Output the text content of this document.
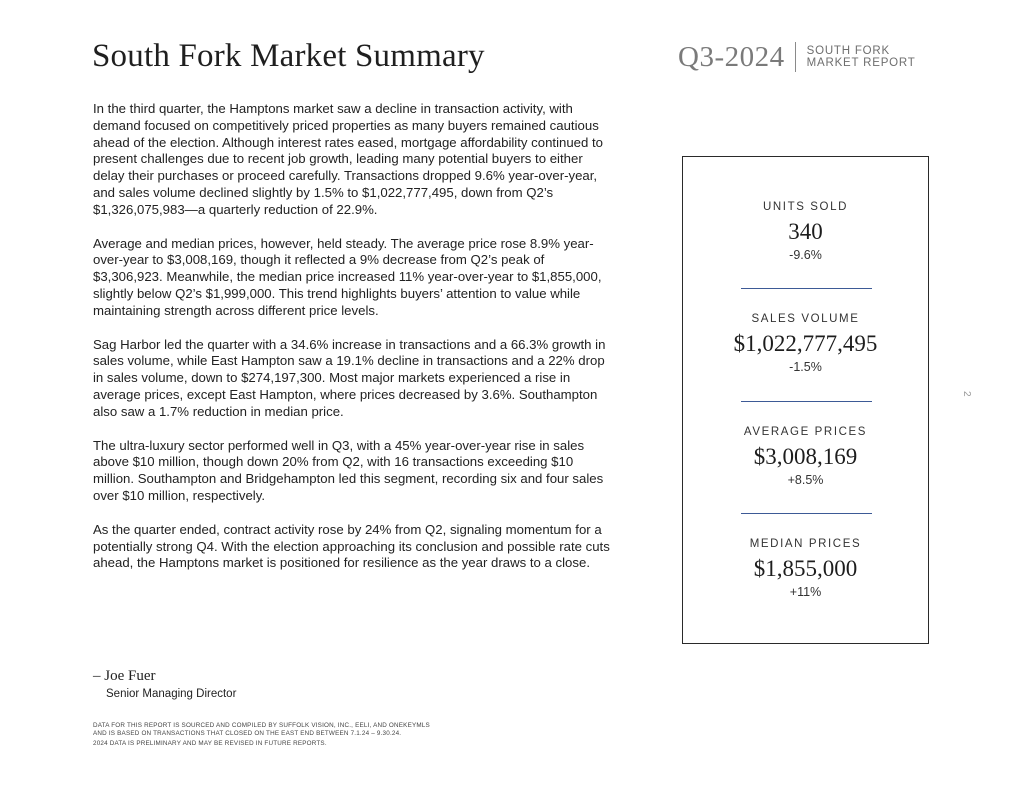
South Fork Market Summary	Q3-2024 SOUTH FORK
MARKET REPORT

In the third quarter, the Hamptons market saw a decline in transaction activity, with demand focused on competitively priced properties as many buyers remained cautious ahead of the election. Although interest rates eased, mortgage affordability continued to present challenges due to recent job growth, leading many potential buyers to either delay their purchases or proceed carefully. Transactions dropped 9.6% year-over-year, and sales volume declined slightly by 1.5% to $1,022,777,495, down from Q2’s $1,326,075,983—a quarterly reduction of 22.9%.

Average and median prices, however, held steady. The average price rose 8.9% year-over-year to $3,008,169, though it reflected a 9% decrease from Q2’s peak of $3,306,923. Meanwhile, the median price increased 11% year-over-year to $1,855,000, slightly below Q2’s $1,999,000. This trend highlights buyers’ attention to value while maintaining strength across different price levels.

Sag Harbor led the quarter with a 34.6% increase in transactions and a 66.3% growth in sales volume, while East Hampton saw a 19.1% decline in transactions and a 22% drop in sales volume, down to $274,197,300. Most major markets experienced a rise in average prices, except East Hampton, where prices decreased by 3.6%. Southampton also saw a 1.7% reduction in median price.

The ultra-luxury sector performed well in Q3, with a 45% year-over-year rise in sales above $10 million, though down 20% from Q2, with 16 transactions exceeding $10 million. Southampton and Bridgehampton led this segment, recording six and four sales over $10 million, respectively.

As the quarter ended, contract activity rose by 24% from Q2, signaling momentum for a potentially strong Q4. With the election approaching its conclusion and possible rate cuts ahead, the Hamptons market is positioned for resilience as the year draws to a close.

UNITS SOLD
340
-9.6%
SALES VOLUME
$1,022,777,495
-1.5%
AVERAGE PRICES
$3,008,169
+8.5%
MEDIAN PRICES
$1,855,000
+11%
2
– Joe Fuer
Senior Managing Director
DATA FOR THIS REPORT IS SOURCED AND COMPILED BY SUFFOLK VISION, INC., EELI, AND ONEKEYMLS
AND IS BASED ON TRANSACTIONS THAT CLOSED ON THE EAST END BETWEEN 7.1.24 – 9.30.24.
2024 DATA IS PRELIMINARY AND MAY BE REVISED IN FUTURE REPORTS.
